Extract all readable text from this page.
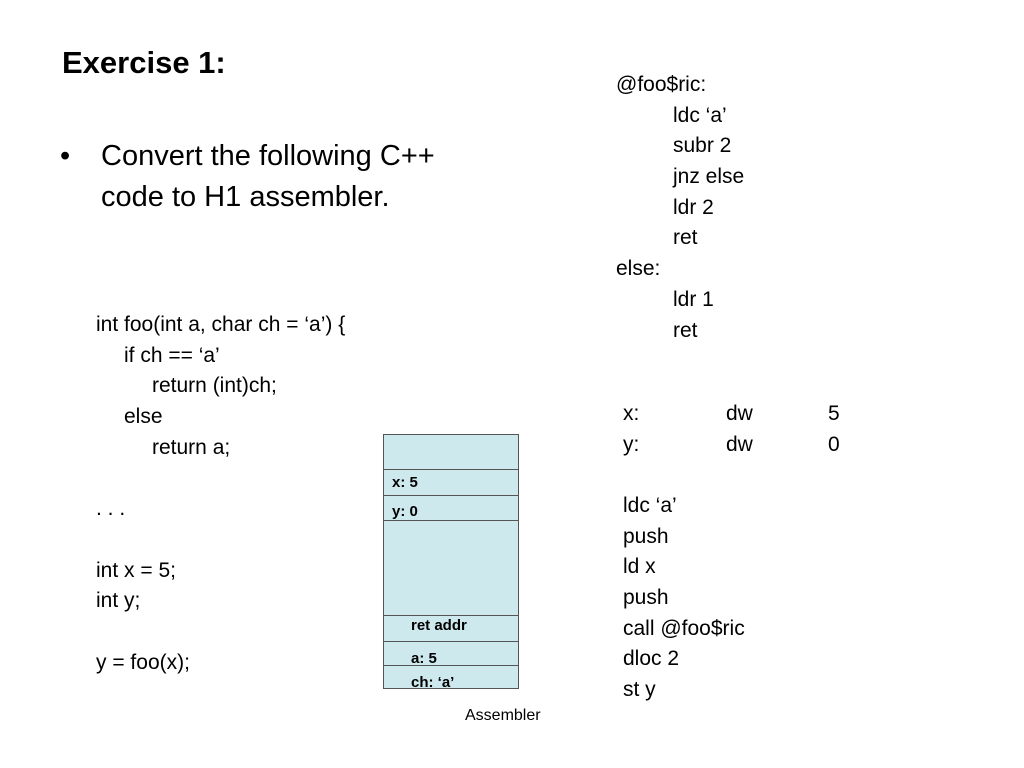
Exercise 1:
• Convert the following C++ code to H1 assembler.
int foo(int a, char ch = ‘a’) {
if ch == ‘a’
return (int)ch;
else
return a;
. . .
int x = 5;
int y;
y = foo(x);
@foo$ric:
ldc ‘a’
subr 2
jnz else
ldr 2
ret
else:
ldr 1
ret
x:	dw	5
y:	dw	0
ldc ‘a’
push
ld x
push
call @foo$ric
dloc 2
st y
x: 5
y: 0
ret addr
a: 5
ch: ‘a’
Assembler
